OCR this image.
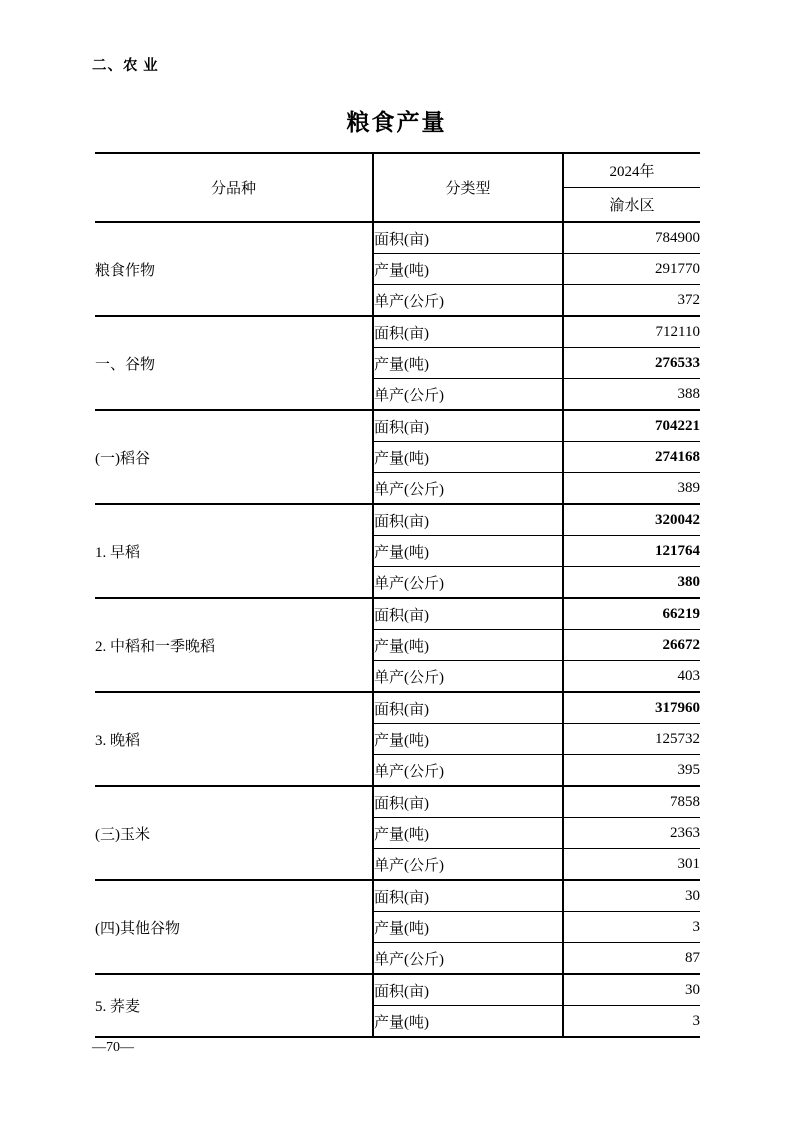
二、农 业
粮食产量
分品种	分类型	2024年
		渝水区
粮食作物	面积(亩)	784900
	产量(吨)	291770
	单产(公斤)	372
一、谷物	面积(亩)	712110
	产量(吨)	276533
	单产(公斤)	388
(一)稻谷	面积(亩)	704221
	产量(吨)	274168
	单产(公斤)	389
1. 早稻	面积(亩)	320042
	产量(吨)	121764
	单产(公斤)	380
2. 中稻和一季晚稻	面积(亩)	66219
	产量(吨)	26672
	单产(公斤)	403
3. 晚稻	面积(亩)	317960
	产量(吨)	125732
	单产(公斤)	395
(三)玉米	面积(亩)	7858
	产量(吨)	2363
	单产(公斤)	301
(四)其他谷物	面积(亩)	30
	产量(吨)	3
	单产(公斤)	87
5. 荞麦	面积(亩)	30
	产量(吨)	3
—70—
